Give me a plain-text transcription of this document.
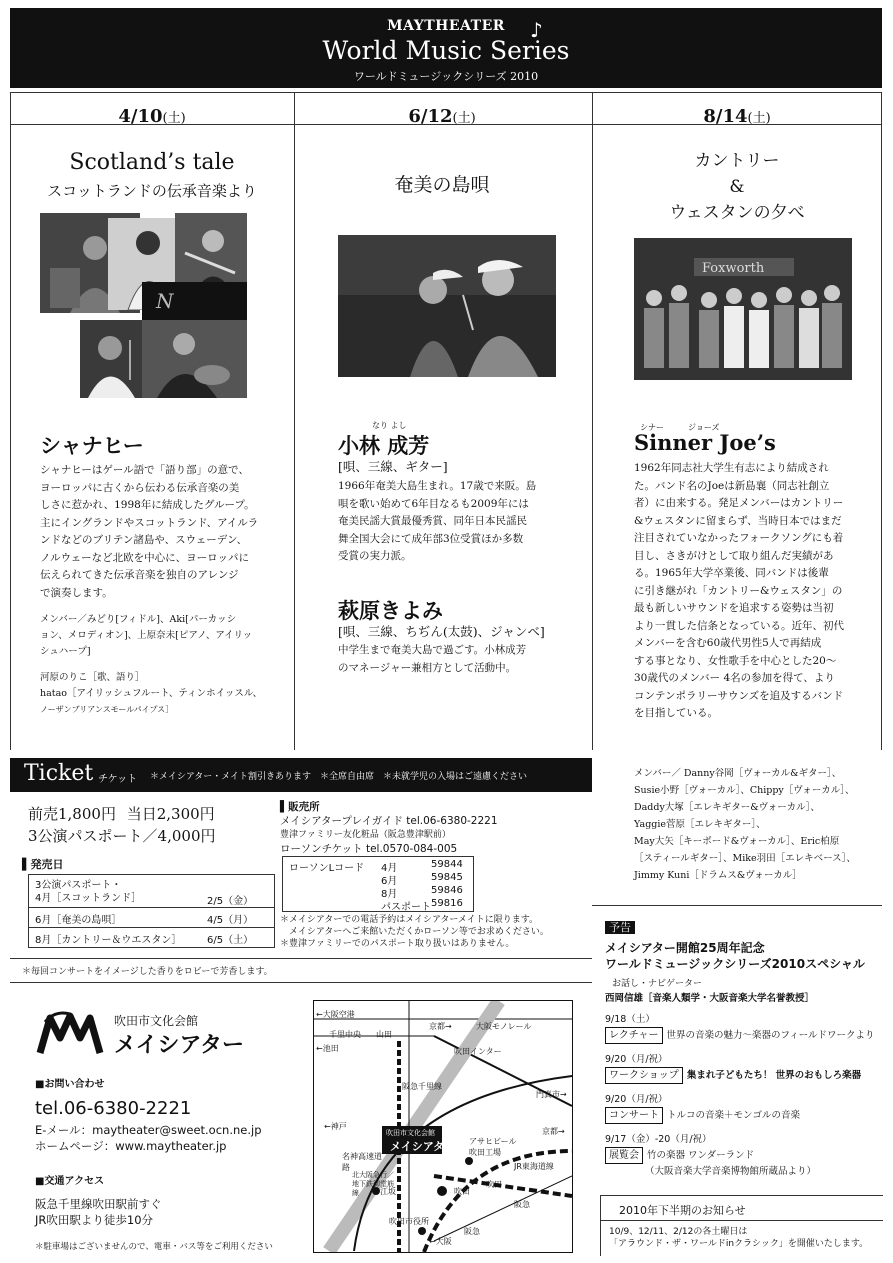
MAYTHEATER
World Music Series
ワールドミュージックシリーズ 2010
♪
4/10(土)
Scotland’s tale
スコットランドの伝承音楽より
N
シャナヒー
シャナヒーはゲール語で「語り部」の意で、
ヨーロッパに古くから伝わる伝承音楽の美
しさに惹かれ、1998年に結成したグループ。
主にイングランドやスコットランド、アイルラ
ンドなどのブリテン諸島や、スウェーデン、
ノルウェーなど北欧を中心に、ヨーロッパに
伝えられてきた伝承音楽を独自のアレンジ
で演奏します。
メンバー／みどり[フィドル]、Aki[パーカッシ
ョン、メロディオン]、上原奈未[ピアノ、アイリッ
シュハープ]
河原のりこ［歌、語り］
hatao［アイリッシュフルート、ティンホイッスル、
ノーザンブリアンスモールパイプス］
6/12(土)
奄美の島唄
なり よし
小林 成芳
[唄、三線、ギター]
1966年奄美大島生まれ。17歳で来阪。島
唄を歌い始めて6年目なるも2009年には
奄美民謡大賞最優秀賞、同年日本民謡民
舞全国大会にて成年部3位受賞ほか多数
受賞の実力派。
萩原きよみ
[唄、三線、ちぢん(太鼓)、ジャンベ]
中学生まで奄美大島で過ごす。小林成芳
のマネージャー兼相方として活動中。
8/14(土)
カントリー
&
ウェスタンの夕べ
Foxworth
シナー	ジョーズ
Sinner Joe’s
1962年同志社大学生有志により結成され
た。バンド名のJoeは新島襄（同志社創立
者）に由来する。発足メンバーはカントリー
&ウェスタンに留まらず、当時日本ではまだ
注目されていなかったフォークソングにも着
目し、さきがけとして取り組んだ実績があ
る。1965年大学卒業後、同バンドは後輩
に引き継がれ「カントリー&ウェスタン」の
最も新しいサウンドを追求する姿勢は当初
より一貫した信条となっている。近年、初代
メンバーを含む60歳代男性5人で再結成
する事となり、女性歌手を中心とした20～
30歳代のメンバー 4名の参加を得て、より
コンテンポラリーサウンズを追及するバンド
を目指している。
メンバー／ Danny谷岡［ヴォーカル&ギター］、
Susie小野［ヴォーカル］、Chippy［ヴォーカル］、
Daddy大塚［エレキギター&ヴォーカル］、
Yaggie菅原［エレキギター］、
May大矢［キーボード&ヴォーカル］、Eric柏原
［スティールギター］、Mike羽田［エレキベース］、
Jimmy Kuni［ドラムス&ヴォーカル］
Ticket チケット ＊メイシアター・メイト割引きあります　＊全席自由席　＊未就学児の入場はご遠慮ください
前売1,800円 当日2,300円
3公演パスポート／4,000円
▌発売日
3公演パスポート・
4月［スコットランド］	2/5（金）
6月［奄美の島唄］	4/5（月）
8月［カントリー＆ウエスタン］	6/5（土）
▌販売所
メイシアタープレイガイド tel.06-6380-2221
豊津ファミリー友化粧品（阪急豊津駅前）
ローソンチケット tel.0570-084-005
ローソンLコード 4月	59844
6月	59845
8月	59846
パスポート 59816
＊メイシアターでの電話予約はメイシアターメイトに限ります。
　メイシアターへご来館いただくかローソン等でお求めください。
＊豊津ファミリーでのパスポート取り扱いはありません。
＊毎回コンサートをイメージした香りをロビーで芳香します。
吹田市文化会館
メイシアター
■お問い合わせ
tel.06-6380-2221
E-メール：maytheater@sweet.ocn.ne.jp
ホームページ：www.maytheater.jp
■交通アクセス
阪急千里線吹田駅前すぐ
JR吹田駅より徒歩10分
＊駐車場はございませんので、電車・バス等をご利用ください
←大阪空港
千里中央 山田
←池田
京都→	大阪モノレール
吹田インター
門真市→
阪急千里線
←神戸
名神高速道路
北大阪急行／地下鉄御堂筋線
吹田市文化会館
メイシアター アサヒビール 吹田工場
京都→
江坂	吹田
吹田
JR東海道線
吹田市役所
←大阪
阪急
阪急
予告
メイシアター開館25周年記念
ワールドミュージックシリーズ2010スペシャル
お話し・ナビゲーター
西岡信雄［音楽人類学・大阪音楽大学名誉教授］
9/18（土）
レクチャー 世界の音楽の魅力～楽器のフィールドワークより
9/20（月/祝）
ワークショップ 集まれ子どもたち！ 世界のおもしろ楽器
9/20（月/祝）
コンサート トルコの音楽＋モンゴルの音楽
9/17（金）-20（月/祝）
展覧会 竹の楽器 ワンダーランド
（大阪音楽大学音楽博物館所蔵品より）
2010年下半期のお知らせ
10/9、12/11、2/12の各土曜日は
「アラウンド・ザ・ワールドinクラシック」を開催いたします。
